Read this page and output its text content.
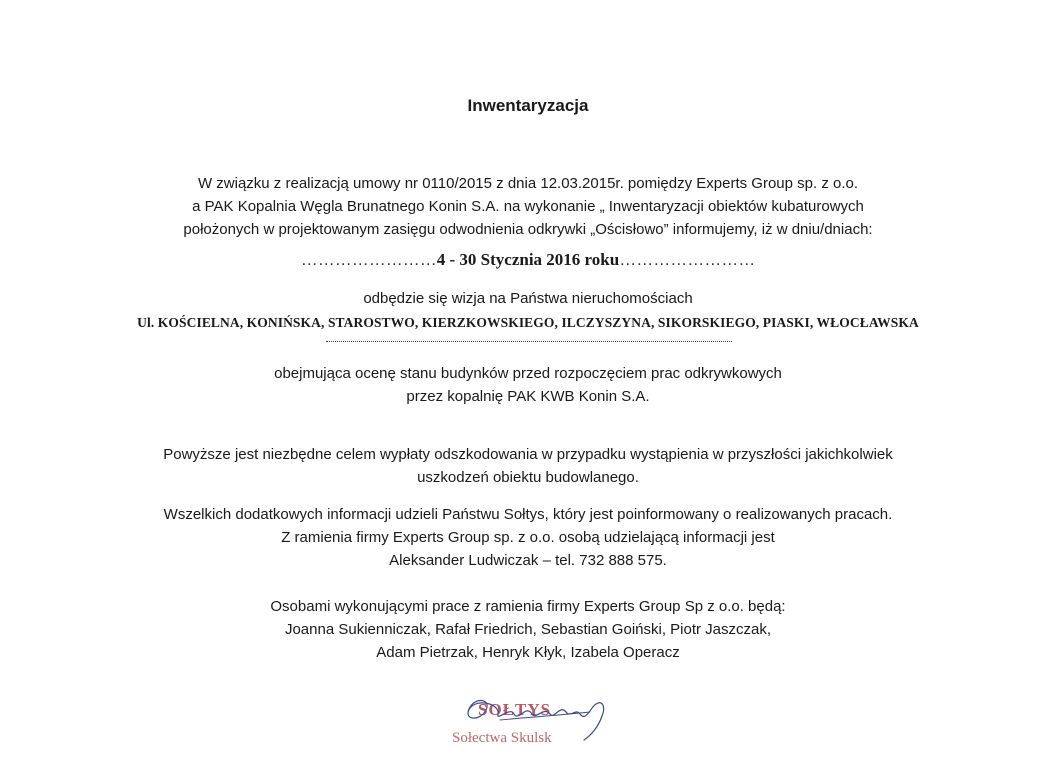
Inwentaryzacja
W związku z realizacją umowy nr 0110/2015 z dnia 12.03.2015r. pomiędzy Experts Group sp. z o.o.
a PAK Kopalnia Węgla Brunatnego Konin S.A. na wykonanie „ Inwentaryzacji obiektów kubaturowych
położonych w projektowanym zasięgu odwodnienia odkrywki „Ościsłowo” informujemy, iż w dniu/dniach:
……………………4 - 30 Stycznia 2016 roku……………………
odbędzie się wizja na Państwa nieruchomościach
Ul. KOŚCIELNA, KONIŃSKA, STAROSTWO, KIERZKOWSKIEGO, ILCZYSZYNA, SIKORSKIEGO, PIASKI, WŁOCŁAWSKA
obejmująca ocenę stanu budynków przed rozpoczęciem prac odkrywkowych
przez kopalnię PAK KWB Konin S.A.
Powyższe jest niezbędne celem wypłaty odszkodowania w przypadku wystąpienia w przyszłości jakichkolwiek
uszkodzeń obiektu budowlanego.
Wszelkich dodatkowych informacji udzieli Państwu Sołtys, który jest poinformowany o realizowanych pracach.
Z ramienia firmy Experts Group sp. z o.o. osobą udzielającą informacji jest
Aleksander Ludwiczak – tel. 732 888 575.
Osobami wykonującymi prace z ramienia firmy Experts Group Sp z o.o. będą:
Joanna Sukienniczak, Rafał Friedrich, Sebastian Goiński, Piotr Jaszczak,
Adam Pietrzak, Henryk Kłyk, Izabela Operacz
SOŁTYS
Sołectwa Skulsk
